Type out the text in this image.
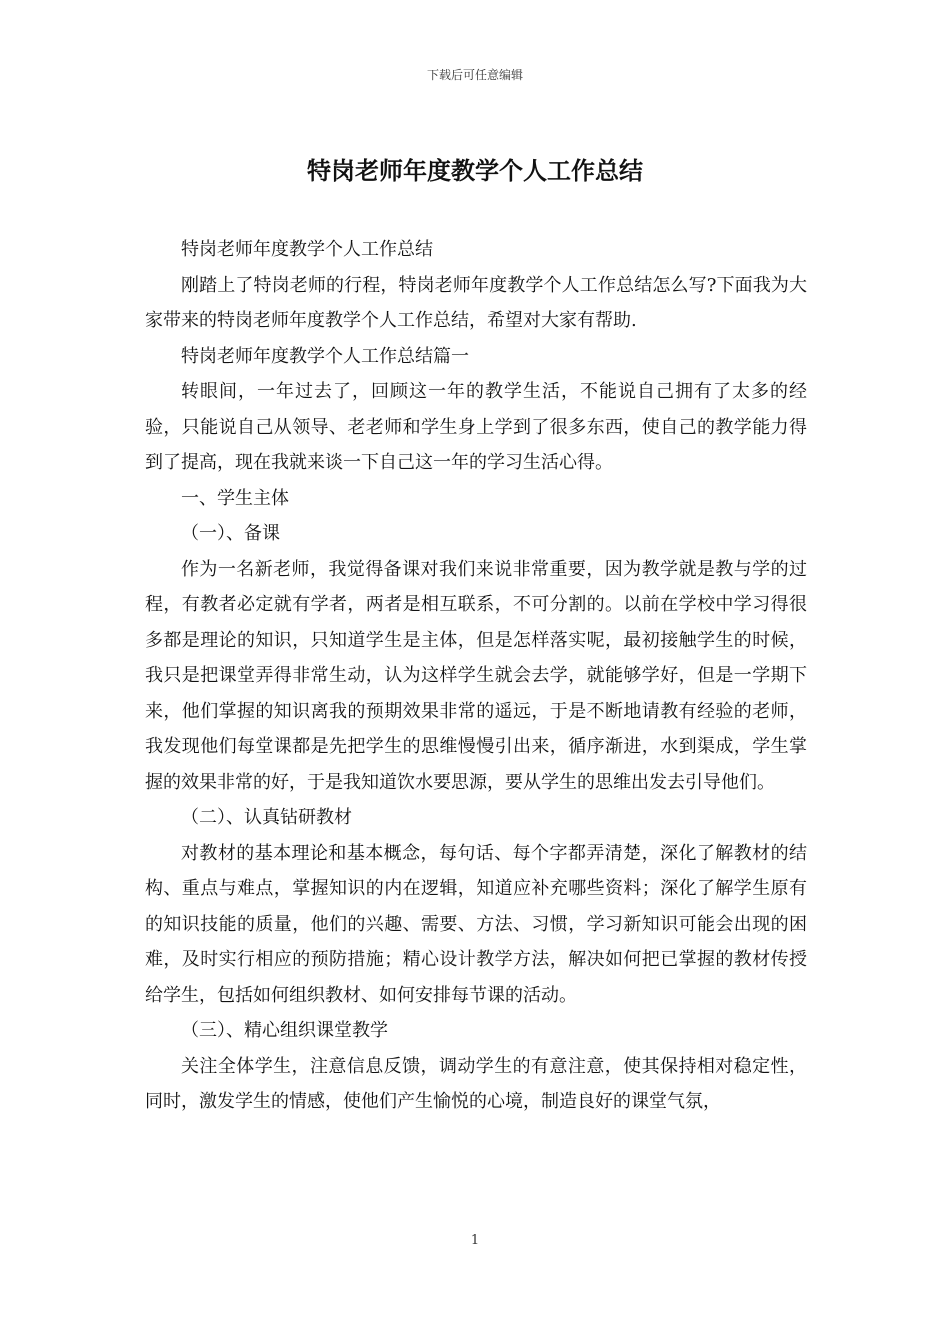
下载后可任意编辑
特岗老师年度教学个人工作总结

特岗老师年度教学个人工作总结

刚踏上了特岗老师的行程，特岗老师年度教学个人工作总结怎么写?下面我为大家带来的特岗老师年度教学个人工作总结，希望对大家有帮助.

特岗老师年度教学个人工作总结篇一

转眼间，一年过去了，回顾这一年的教学生活，不能说自己拥有了太多的经验，只能说自己从领导、老老师和学生身上学到了很多东西，使自己的教学能力得到了提高，现在我就来谈一下自己这一年的学习生活心得。

一、学生主体

（一）、备课

作为一名新老师，我觉得备课对我们来说非常重要，因为教学就是教与学的过程，有教者必定就有学者，两者是相互联系，不可分割的。以前在学校中学习得很多都是理论的知识，只知道学生是主体，但是怎样落实呢，最初接触学生的时候，我只是把课堂弄得非常生动，认为这样学生就会去学，就能够学好，但是一学期下来，他们掌握的知识离我的预期效果非常的遥远，于是不断地请教有经验的老师，我发现他们每堂课都是先把学生的思维慢慢引出来，循序渐进，水到渠成，学生掌握的效果非常的好，于是我知道饮水要思源，要从学生的思维出发去引导他们。

（二）、认真钻研教材

对教材的基本理论和基本概念，每句话、每个字都弄清楚，深化了解教材的结构、重点与难点，掌握知识的内在逻辑，知道应补充哪些资料；深化了解学生原有的知识技能的质量，他们的兴趣、需要、方法、习惯，学习新知识可能会出现的困难，及时实行相应的预防措施；精心设计教学方法，解决如何把已掌握的教材传授给学生，包括如何组织教材、如何安排每节课的活动。

（三）、精心组织课堂教学

关注全体学生，注意信息反馈，调动学生的有意注意，使其保持相对稳定性，同时，激发学生的情感，使他们产生愉悦的心境，制造良好的课堂气氛，

1
